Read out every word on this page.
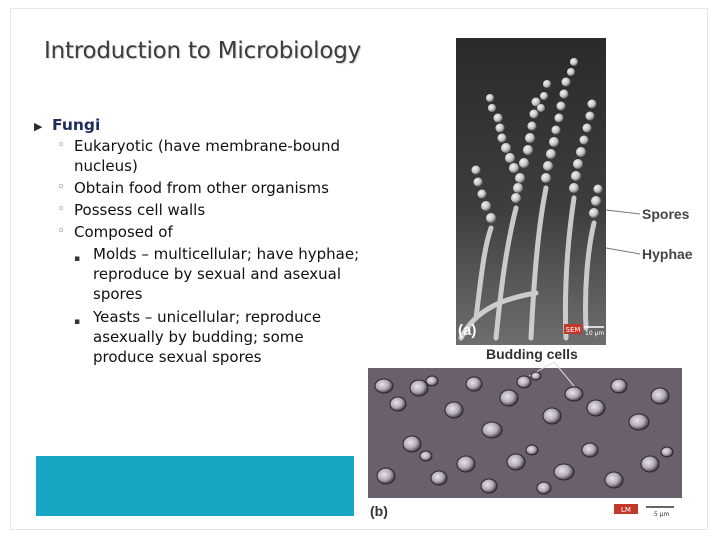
Introduction to Microbiology
▶ Fungi
◦ Eukaryotic (have membrane-bound nucleus)
◦ Obtain food from other organisms
◦ Possess cell walls
◦ Composed of
▪ Molds – multicellular; have hyphae; reproduce by sexual and asexual spores
▪ Yeasts – unicellular; reproduce asexually by budding; some produce sexual spores
Spores
Hyphae
(a)	SEM 10 µm
Budding cells
(b)	LM
5 µm
